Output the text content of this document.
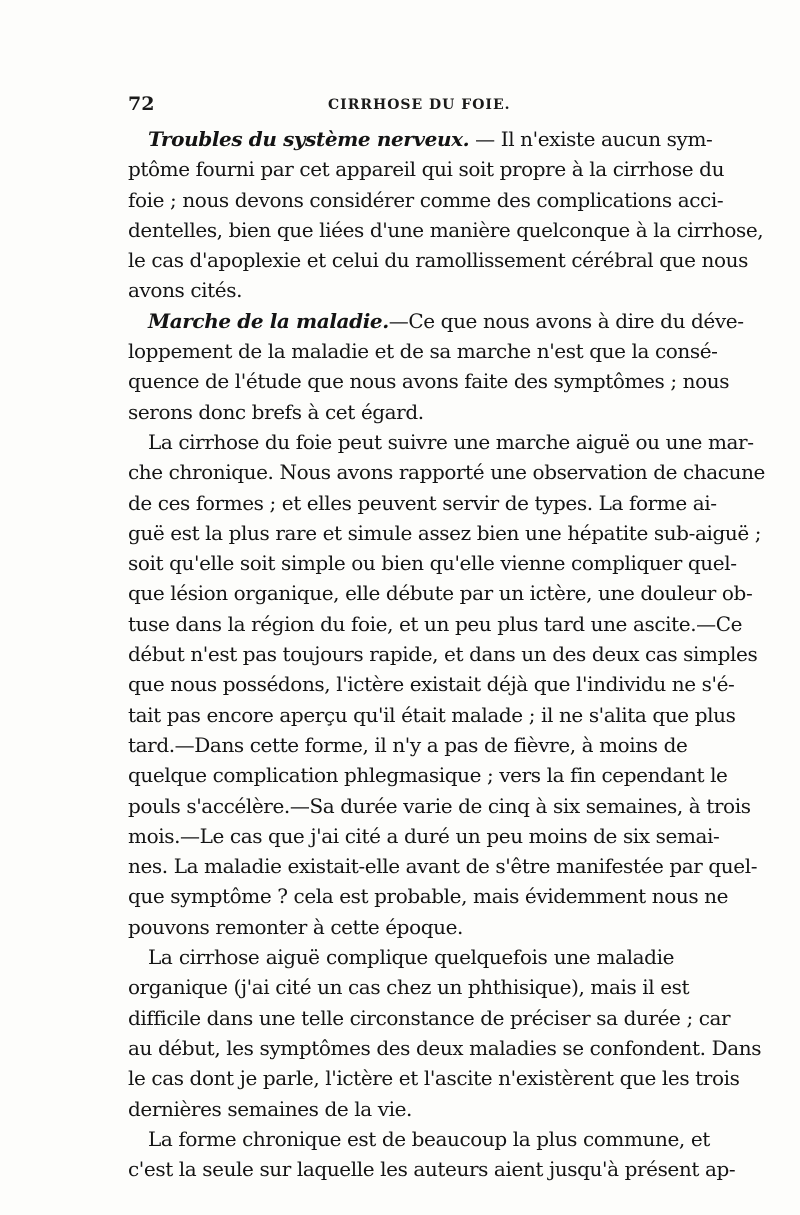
72	CIRRHOSE DU FOIE.
Troubles du système nerveux. — Il n'existe aucun sym-
ptôme fourni par cet appareil qui soit propre à la cirrhose du
foie ; nous devons considérer comme des complications acci-
dentelles, bien que liées d'une manière quelconque à la cirrhose,
le cas d'apoplexie et celui du ramollissement cérébral que nous
avons cités.
Marche de la maladie.—Ce que nous avons à dire du déve-
loppement de la maladie et de sa marche n'est que la consé-
quence de l'étude que nous avons faite des symptômes ; nous
serons donc brefs à cet égard.
La cirrhose du foie peut suivre une marche aiguë ou une mar-
che chronique. Nous avons rapporté une observation de chacune
de ces formes ; et elles peuvent servir de types. La forme ai-
guë est la plus rare et simule assez bien une hépatite sub-aiguë ;
soit qu'elle soit simple ou bien qu'elle vienne compliquer quel-
que lésion organique, elle débute par un ictère, une douleur ob-
tuse dans la région du foie, et un peu plus tard une ascite.—Ce
début n'est pas toujours rapide, et dans un des deux cas simples
que nous possédons, l'ictère existait déjà que l'individu ne s'é-
tait pas encore aperçu qu'il était malade ; il ne s'alita que plus
tard.—Dans cette forme, il n'y a pas de fièvre, à moins de
quelque complication phlegmasique ; vers la fin cependant le
pouls s'accélère.—Sa durée varie de cinq à six semaines, à trois
mois.—Le cas que j'ai cité a duré un peu moins de six semai-
nes. La maladie existait-elle avant de s'être manifestée par quel-
que symptôme ? cela est probable, mais évidemment nous ne
pouvons remonter à cette époque.
La cirrhose aiguë complique quelquefois une maladie
organique (j'ai cité un cas chez un phthisique), mais il est
difficile dans une telle circonstance de préciser sa durée ; car
au début, les symptômes des deux maladies se confondent. Dans
le cas dont je parle, l'ictère et l'ascite n'existèrent que les trois
dernières semaines de la vie.
La forme chronique est de beaucoup la plus commune, et
c'est la seule sur laquelle les auteurs aient jusqu'à présent ap-
